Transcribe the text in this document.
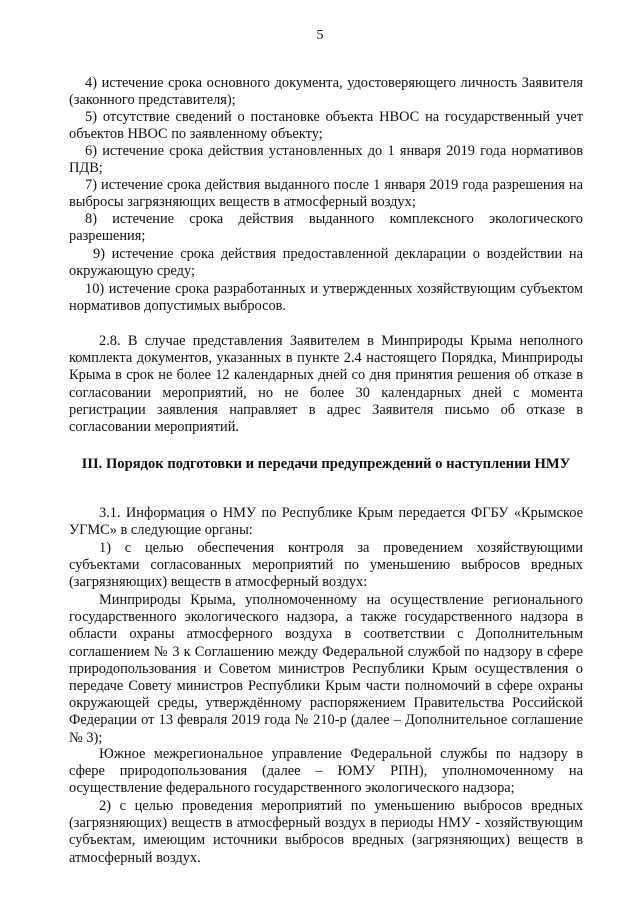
5

4) истечение срока основного документа, удостоверяющего личность Заявителя (законного представителя);

5) отсутствие сведений о постановке объекта НВОС на государственный учет объектов НВОС по заявленному объекту;

6) истечение срока действия установленных до 1 января 2019 года нормативов ПДВ;

7) истечение срока действия выданного после 1 января 2019 года разрешения на выбросы загрязняющих веществ в атмосферный воздух;

8) истечение срока действия выданного комплексного экологического разрешения;

9) истечение срока действия предоставленной декларации о воздействии на окружающую среду;

10) истечение срока разработанных и утвержденных хозяйствующим субъектом нормативов допустимых выбросов.

2.8. В случае представления Заявителем в Минприроды Крыма неполного комплекта документов, указанных в пункте 2.4 настоящего Порядка, Минприроды Крыма в срок не более 12 календарных дней со дня принятия решения об отказе в согласовании мероприятий, но не более 30 календарных дней с момента регистрации заявления направляет в адрес Заявителя письмо об отказе в согласовании мероприятий.

III. Порядок подготовки и передачи предупреждений о наступлении НМУ

3.1. Информация о НМУ по Республике Крым передается ФГБУ «Крымское УГМС» в следующие органы:

1) с целью обеспечения контроля за проведением хозяйствующими субъектами согласованных мероприятий по уменьшению выбросов вредных (загрязняющих) веществ в атмосферный воздух:

Минприроды Крыма, уполномоченному на осуществление регионального государственного экологического надзора, а также государственного надзора в области охраны атмосферного воздуха в соответствии с Дополнительным соглашением № 3 к Соглашению между Федеральной службой по надзору в сфере природопользования и Советом министров Республики Крым осуществления о передаче Совету министров Республики Крым части полномочий в сфере охраны окружающей среды, утверждённому распоряжением Правительства Российской Федерации от 13 февраля 2019 года № 210-р (далее – Дополнительное соглашение № 3);

Южное межрегиональное управление Федеральной службы по надзору в сфере природопользования (далее – ЮМУ РПН), уполномоченному на осуществление федерального государственного экологического надзора;

2) с целью проведения мероприятий по уменьшению выбросов вредных (загрязняющих) веществ в атмосферный воздух в периоды НМУ - хозяйствующим субъектам, имеющим источники выбросов вредных (загрязняющих) веществ в атмосферный воздух.
